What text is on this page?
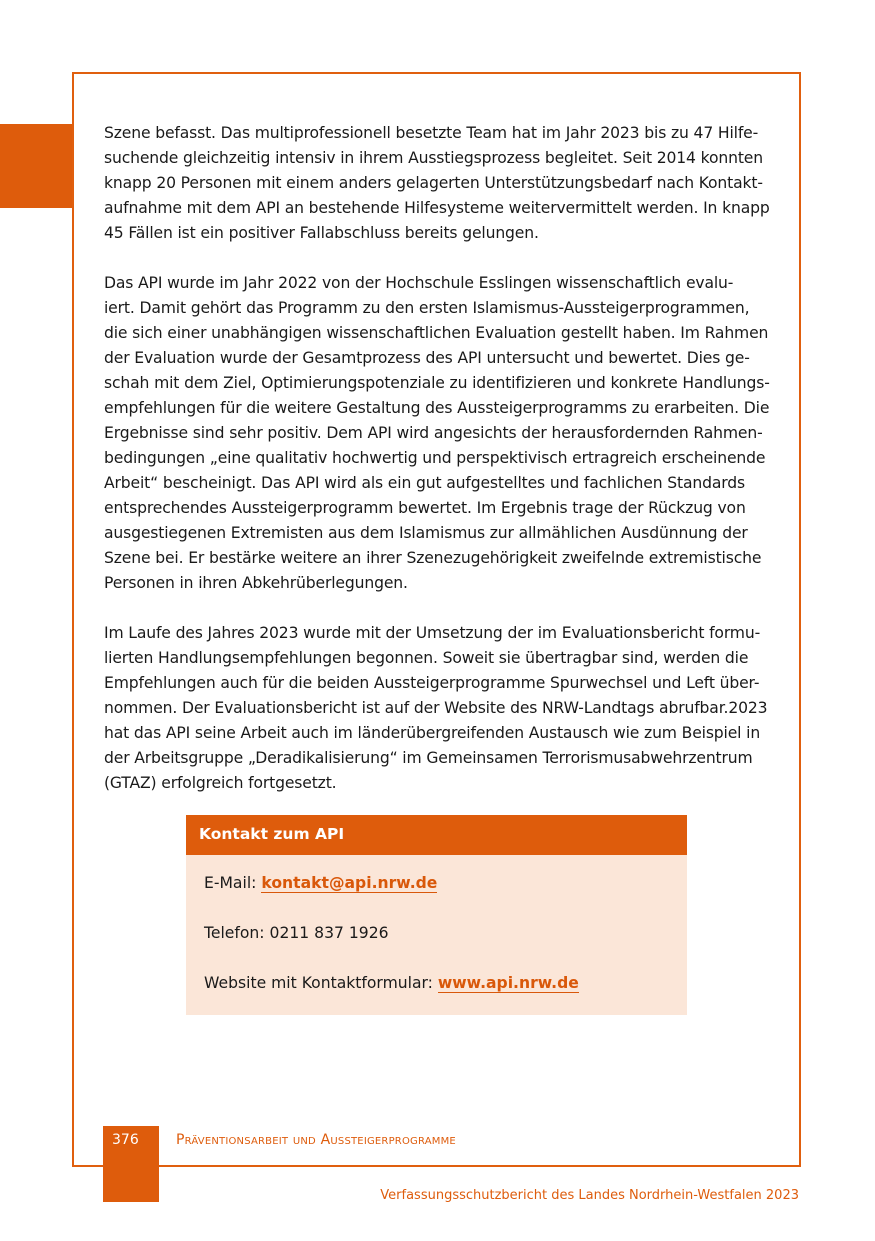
Szene befasst. Das multiprofessionell besetzte Team hat im Jahr 2023 bis zu 47 Hilfe-
suchende gleichzeitig intensiv in ihrem Ausstiegsprozess begleitet. Seit 2014 konnten
knapp 20 Personen mit einem anders gelagerten Unterstützungsbedarf nach Kontakt-
aufnahme mit dem API an bestehende Hilfesysteme weitervermittelt werden. In knapp
45 Fällen ist ein positiver Fallabschluss bereits gelungen.

Das API wurde im Jahr 2022 von der Hochschule Esslingen wissenschaftlich evalu-
iert. Damit gehört das Programm zu den ersten Islamismus-Aussteigerprogrammen,
die sich einer unabhängigen wissenschaftlichen Evaluation gestellt haben. Im Rahmen
der Evaluation wurde der Gesamtprozess des API untersucht und bewertet. Dies ge-
schah mit dem Ziel, Optimierungspotenziale zu identifizieren und konkrete Handlungs-
empfehlungen für die weitere Gestaltung des Aussteigerprogramms zu erarbeiten. Die
Ergebnisse sind sehr positiv. Dem API wird angesichts der herausfordernden Rahmen-
bedingungen „eine qualitativ hochwertig und perspektivisch ertragreich erscheinende
Arbeit“ bescheinigt. Das API wird als ein gut aufgestelltes und fachlichen Standards
entsprechendes Aussteigerprogramm bewertet. Im Ergebnis trage der Rückzug von
ausgestiegenen Extremisten aus dem Islamismus zur allmählichen Ausdünnung der
Szene bei. Er bestärke weitere an ihrer Szenezugehörigkeit zweifelnde extremistische
Personen in ihren Abkehrüberlegungen.

Im Laufe des Jahres 2023 wurde mit der Umsetzung der im Evaluationsbericht formu-
lierten Handlungsempfehlungen begonnen. Soweit sie übertragbar sind, werden die
Empfehlungen auch für die beiden Aussteigerprogramme Spurwechsel und Left über-
nommen. Der Evaluationsbericht ist auf der Website des NRW-Landtags abrufbar.2023
hat das API seine Arbeit auch im länderübergreifenden Austausch wie zum Beispiel in
der Arbeitsgruppe „Deradikalisierung“ im Gemeinsamen Terrorismusabwehrzentrum
(GTAZ) erfolgreich fortgesetzt.

Kontakt zum API
E-Mail: kontakt@api.nrw.de
Telefon: 0211 837 1926
Website mit Kontaktformular: www.api.nrw.de
376	Präventionsarbeit und Aussteigerprogramme
Verfassungsschutzbericht des Landes Nordrhein-Westfalen 2023
